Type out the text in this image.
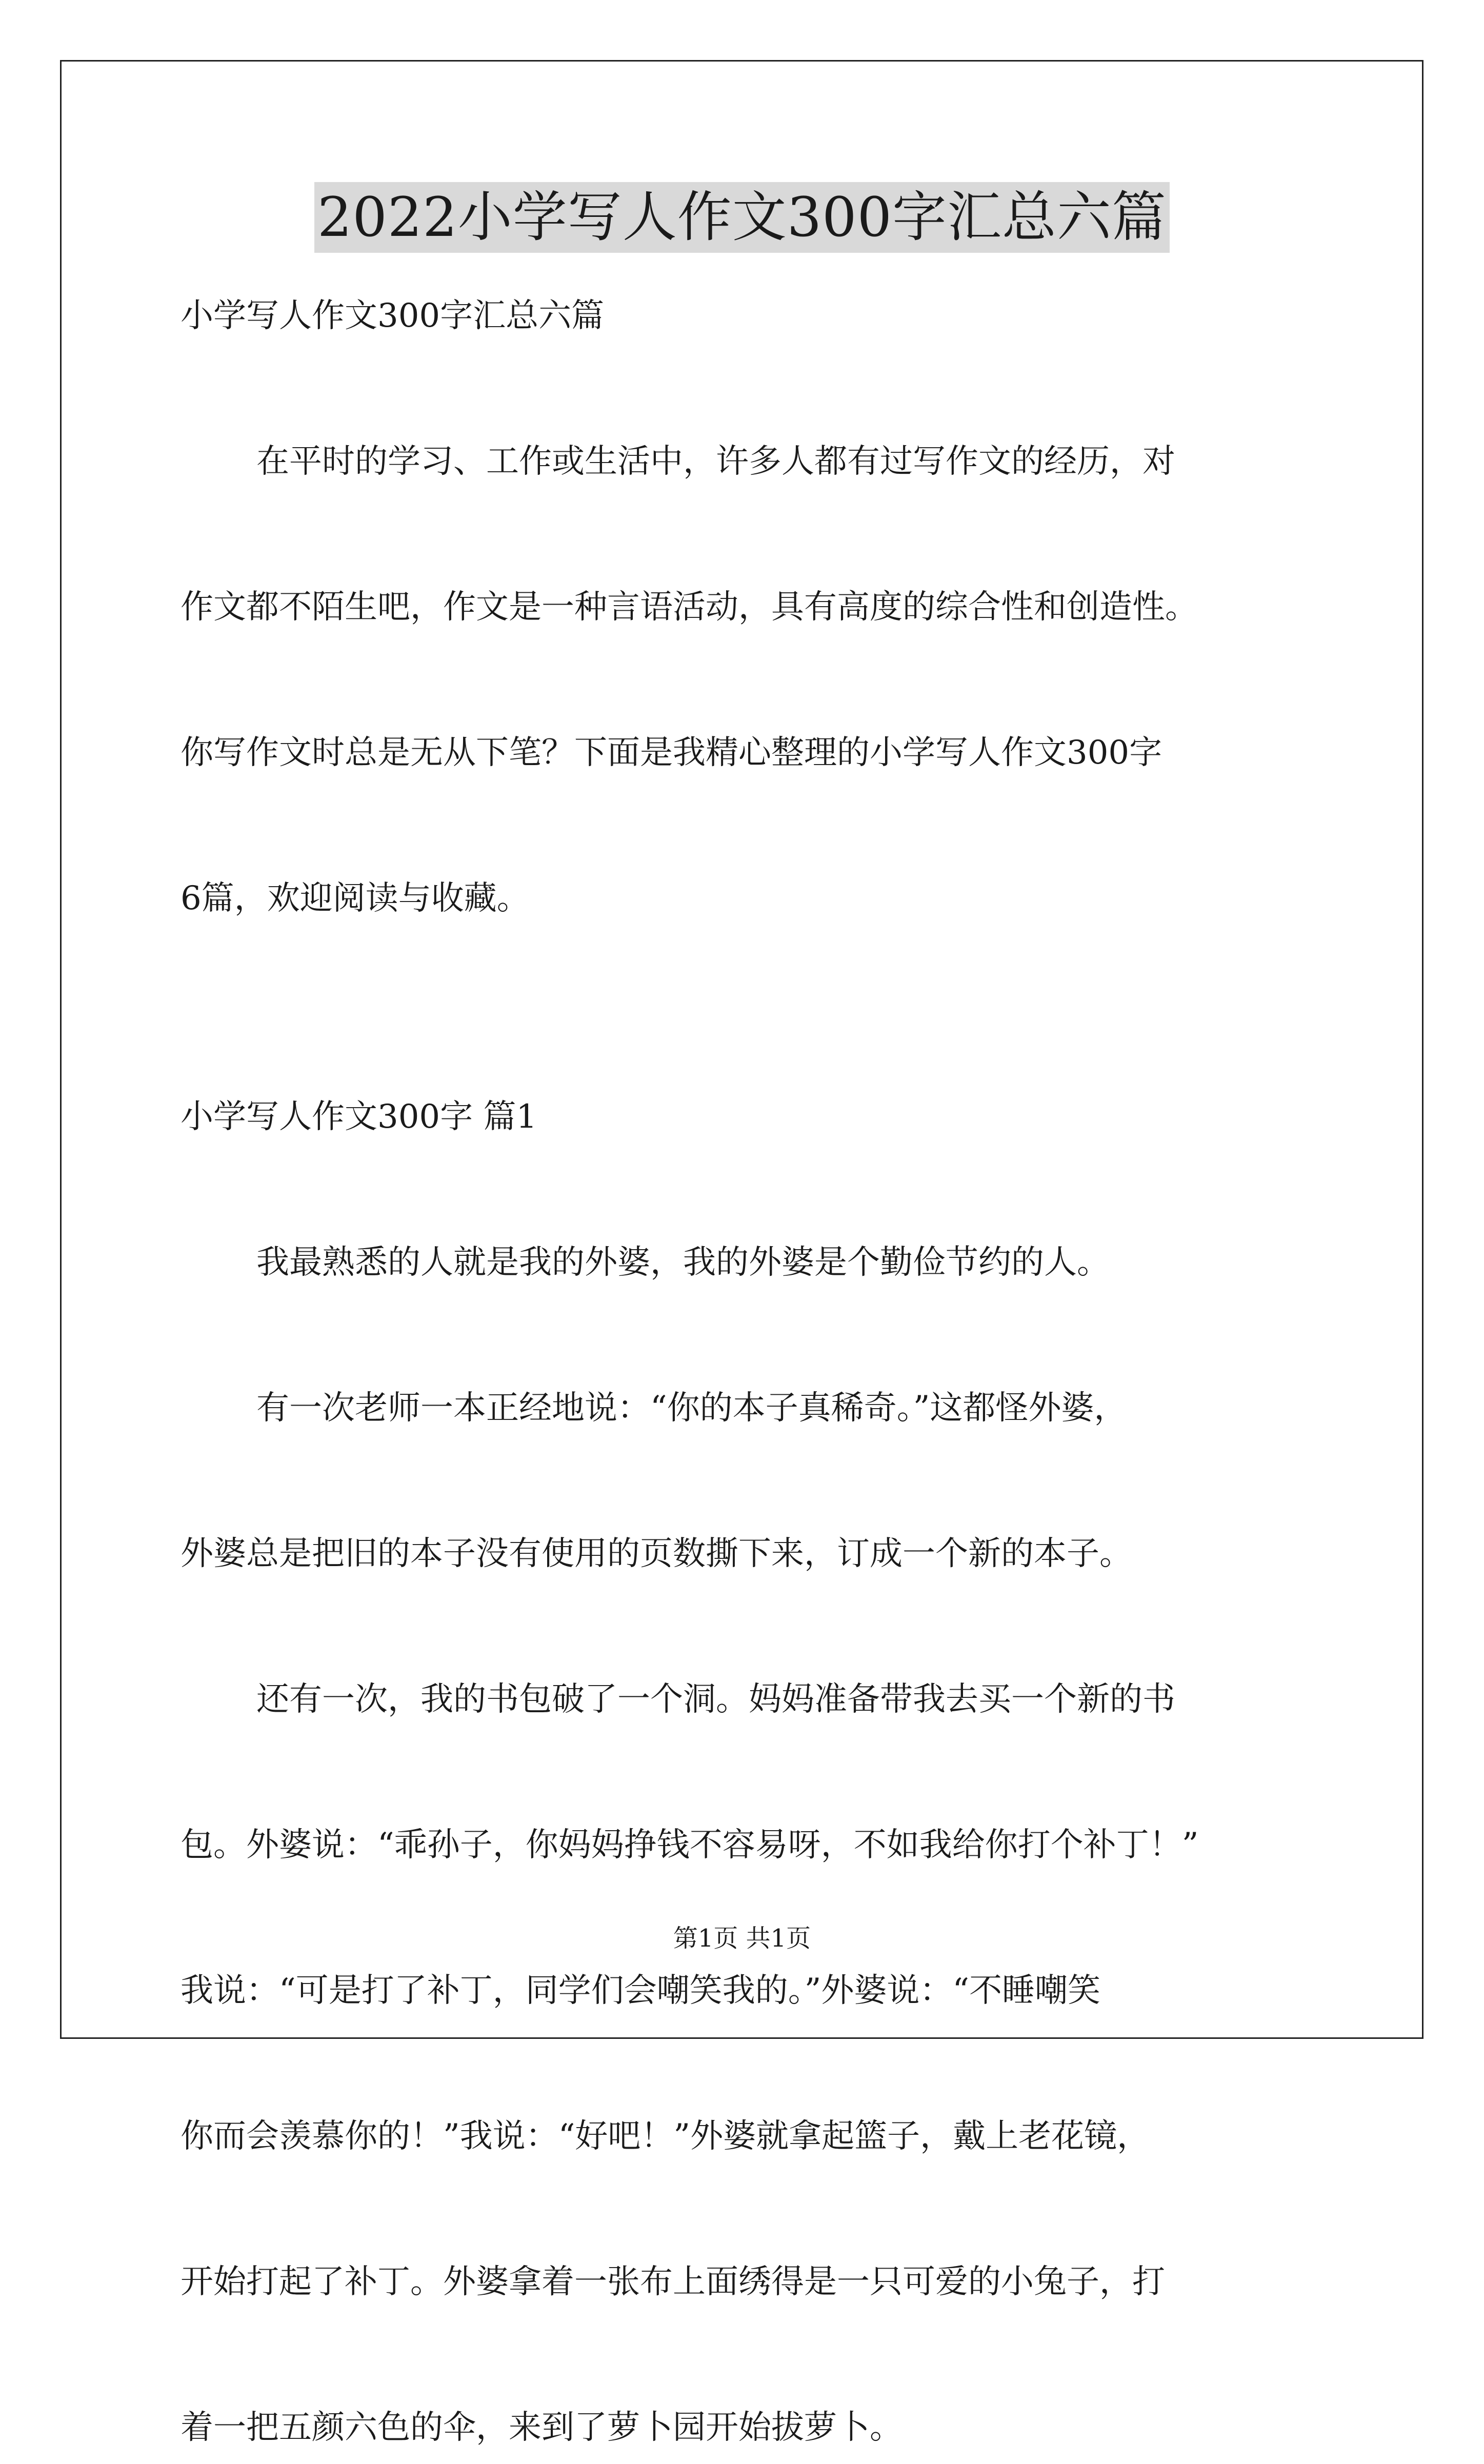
2022小学写人作文300字汇总六篇
小学写人作文300字汇总六篇
在平时的学习、工作或生活中，许多人都有过写作文的经历，对
作文都不陌生吧，作文是一种言语活动，具有高度的综合性和创造性。
你写作文时总是无从下笔？下面是我精心整理的小学写人作文300字
6篇，欢迎阅读与收藏。
小学写人作文300字 篇1
我最熟悉的人就是我的外婆，我的外婆是个勤俭节约的人。
有一次老师一本正经地说：“你的本子真稀奇。”这都怪外婆，
外婆总是把旧的本子没有使用的页数撕下来，订成一个新的本子。
还有一次，我的书包破了一个洞。妈妈准备带我去买一个新的书
包。外婆说：“乖孙子，你妈妈挣钱不容易呀，不如我给你打个补丁！”
我说：“可是打了补丁，同学们会嘲笑我的。”外婆说：“不睡嘲笑
你而会羡慕你的！”我说：“好吧！”外婆就拿起篮子，戴上老花镜，
开始打起了补丁。外婆拿着一张布上面绣得是一只可爱的小兔子，打
着一把五颜六色的伞，来到了萝卜园开始拔萝卜。
第1页 共1页
